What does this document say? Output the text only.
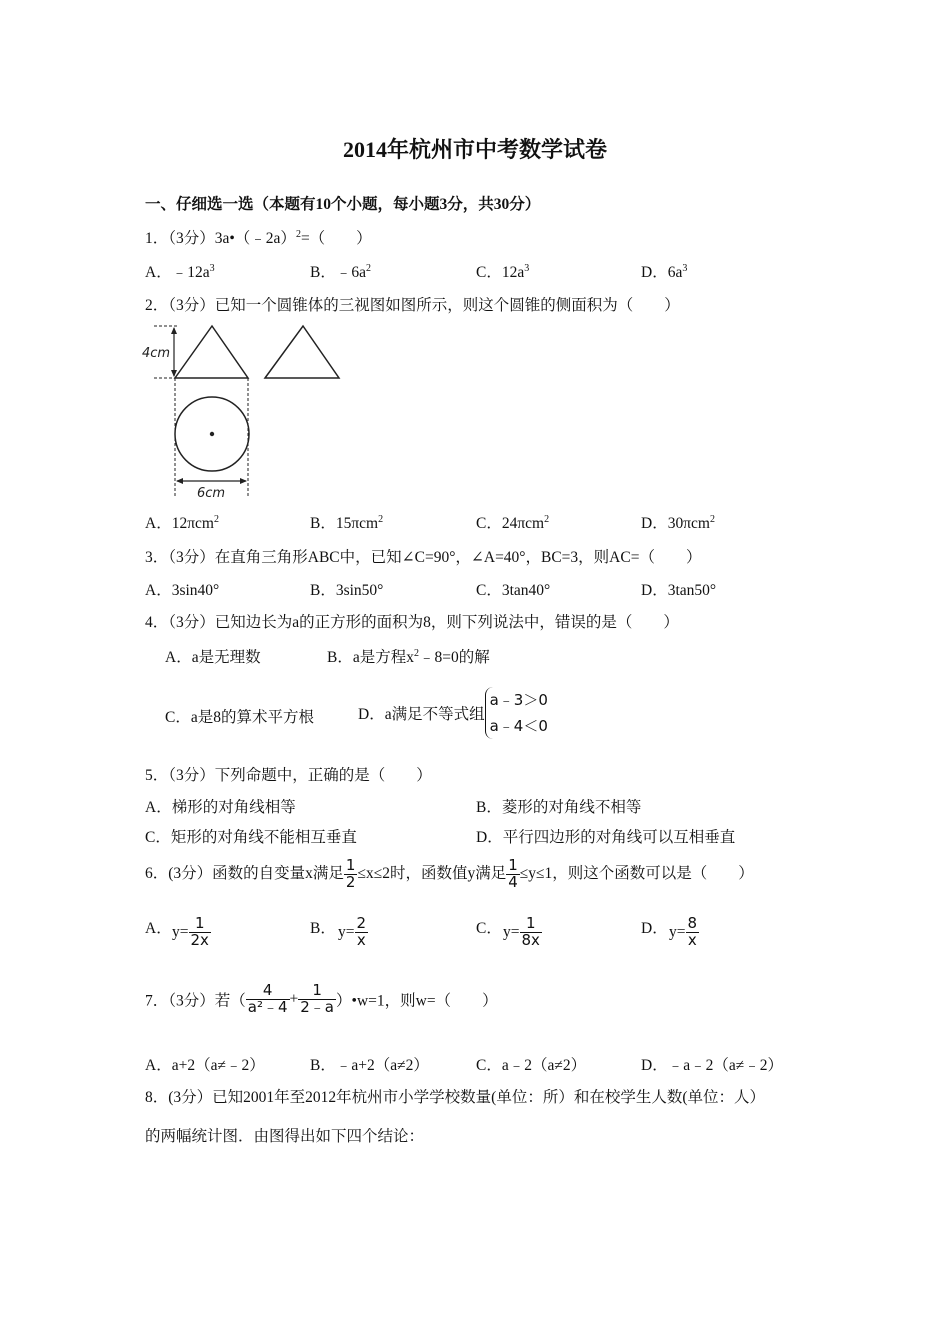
2014年杭州市中考数学试卷
一、仔细选一选（本题有10个小题，每小题3分，共30分）
1．（3分）3a•（﹣2a）$^2$=（　　）
A．$﹣12a^3$	B．$﹣6a^2$	C．$12a^3$	D．$6a^3$
2．（3分）已知一个圆锥体的三视图如图所示，则这个圆锥的侧面积为（　　）
4cm
6cm
A．12πcm$^2$	B．15πcm$^2$	C．24πcm$^2$	D．30πcm$^2$
3．（3分）在直角三角形ABC中，已知∠C=90°，∠A=40°，BC=3，则AC=（　　）
A．3sin40°	B．3sin50°	C．3tan40°	D．3tan50°
4．（3分）已知边长为a的正方形的面积为8，则下列说法中，错误的是（　　）
A．a是无理数	B．a是方程$x^2﹣8=0$的解
C．a是8的算术平方根	D．a满足不等式组a﹣3＞0
a﹣4＜0
5．（3分）下列命题中，正确的是（　　）
A．梯形的对角线相等	B．菱形的对角线不相等
C．矩形的对角线不能相互垂直	D．平行四边形的对角线可以互相垂直
6．(3分）函数的自变量x满足 $\frac{1}{2} \le x\le 2$时，函数值y满足 $\frac{1}{4} \le y\le 1$，则这个函数可以是（　　）
A． $y= \frac{1}{2x}$	B． $y= \frac{2}{x}$	C． $y= \frac{1}{8x}$	D． $y= \frac{8}{x}$
7．（3分）若（ $\frac{4}{\text{a²﹣4}} + \frac{1}{2﹣a}$ ）•w=1，则w=（　　）
A．a+2（a≠﹣2）	B．﹣a+2（a≠2）	C．a﹣2（a≠2）	D．﹣a﹣2（a≠﹣2）
8．(3分）已知2001年至2012年杭州市小学学校数量(单位：所）和在校学生人数(单位：人）
的两幅统计图．由图得出如下四个结论：
